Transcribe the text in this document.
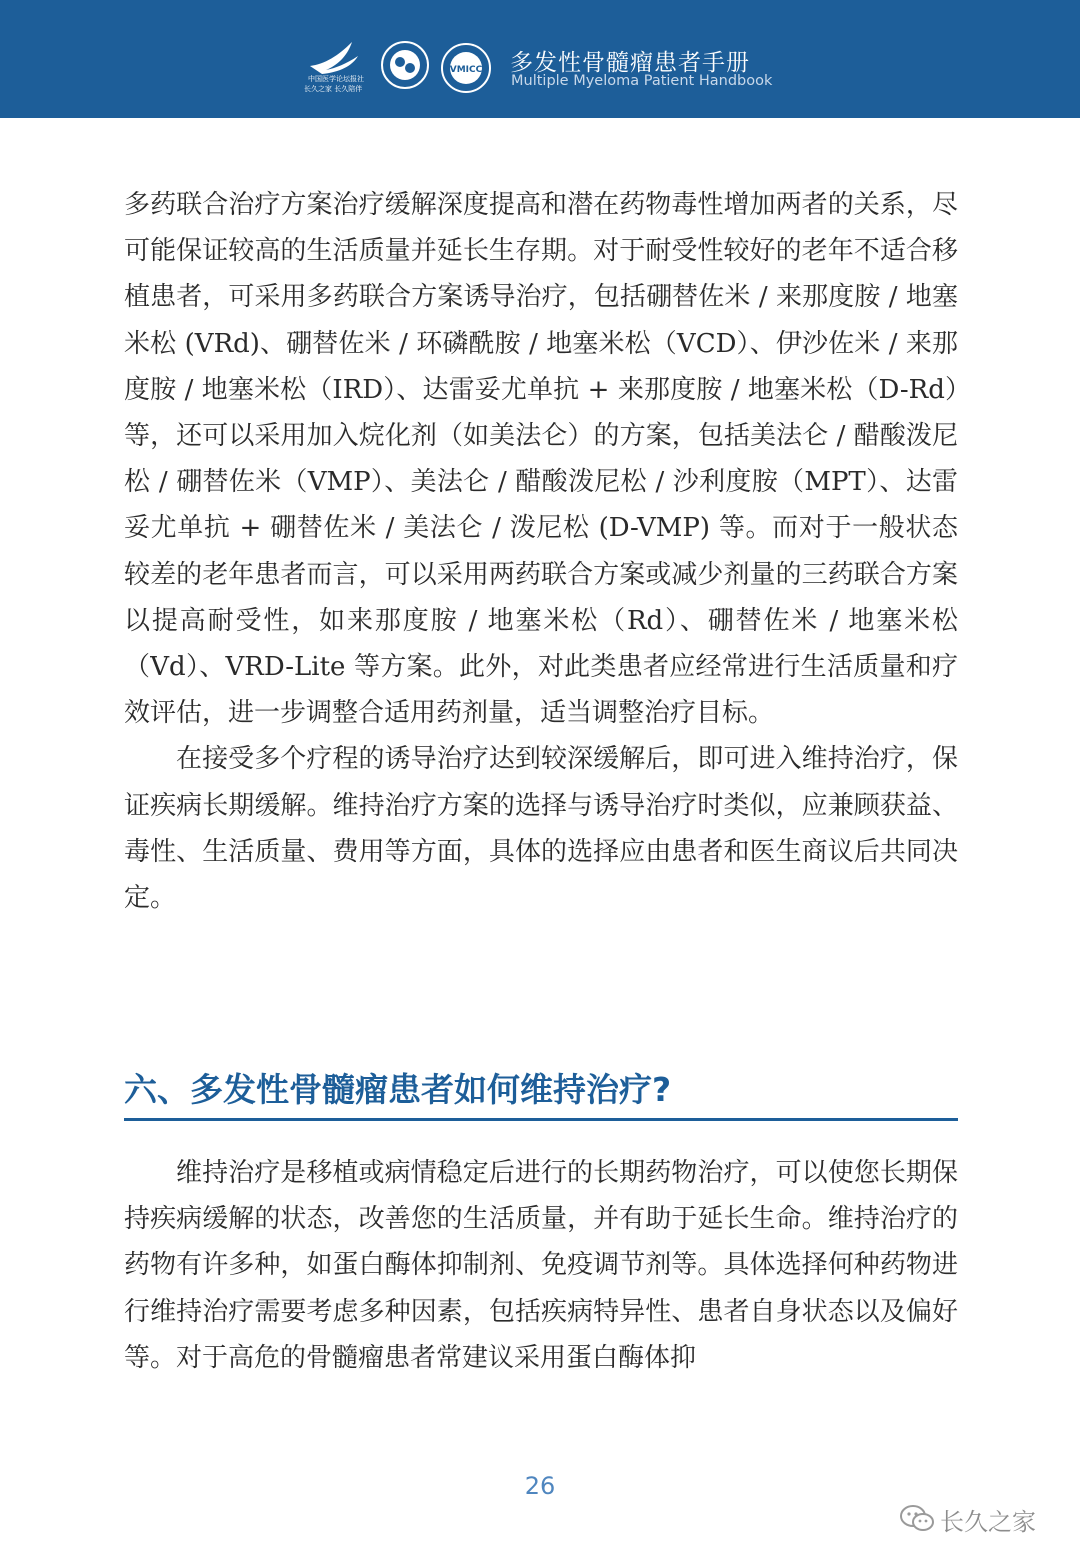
中国医学论坛报社
长久之家 长久陪伴
VMICC 多发性骨髓瘤患者手册
Multiple Myeloma Patient Handbook

多药联合治疗方案治疗缓解深度提高和潜在药物毒性增加两者的关系，尽可能保证较高的生活质量并延长生存期。对于耐受性较好的老年不适合移植患者，可采用多药联合方案诱导治疗，包括硼替佐米 / 来那度胺 / 地塞米松 (VRd)、硼替佐米 / 环磷酰胺 / 地塞米松（VCD）、伊沙佐米 / 来那度胺 / 地塞米松（IRD）、达雷妥尤单抗 + 来那度胺 / 地塞米松（D-Rd）等，还可以采用加入烷化剂（如美法仑）的方案，包括美法仑 / 醋酸泼尼松 / 硼替佐米（VMP）、美法仑 / 醋酸泼尼松 / 沙利度胺（MPT）、达雷妥尤单抗 + 硼替佐米 / 美法仑 / 泼尼松 (D-VMP) 等。而对于一般状态较差的老年患者而言，可以采用两药联合方案或减少剂量的三药联合方案以提高耐受性，如来那度胺 / 地塞米松（Rd）、硼替佐米 / 地塞米松（Vd）、VRD-Lite 等方案。此外，对此类患者应经常进行生活质量和疗效评估，进一步调整合适用药剂量，适当调整治疗目标。

在接受多个疗程的诱导治疗达到较深缓解后，即可进入维持治疗，保证疾病长期缓解。维持治疗方案的选择与诱导治疗时类似，应兼顾获益、毒性、生活质量、费用等方面，具体的选择应由患者和医生商议后共同决定。

六、多发性骨髓瘤患者如何维持治疗?

维持治疗是移植或病情稳定后进行的长期药物治疗，可以使您长期保持疾病缓解的状态，改善您的生活质量，并有助于延长生命。维持治疗的药物有许多种，如蛋白酶体抑制剂、免疫调节剂等。具体选择何种药物进行维持治疗需要考虑多种因素，包括疾病特异性、患者自身状态以及偏好等。对于高危的骨髓瘤患者常建议采用蛋白酶体抑

26
长久之家
